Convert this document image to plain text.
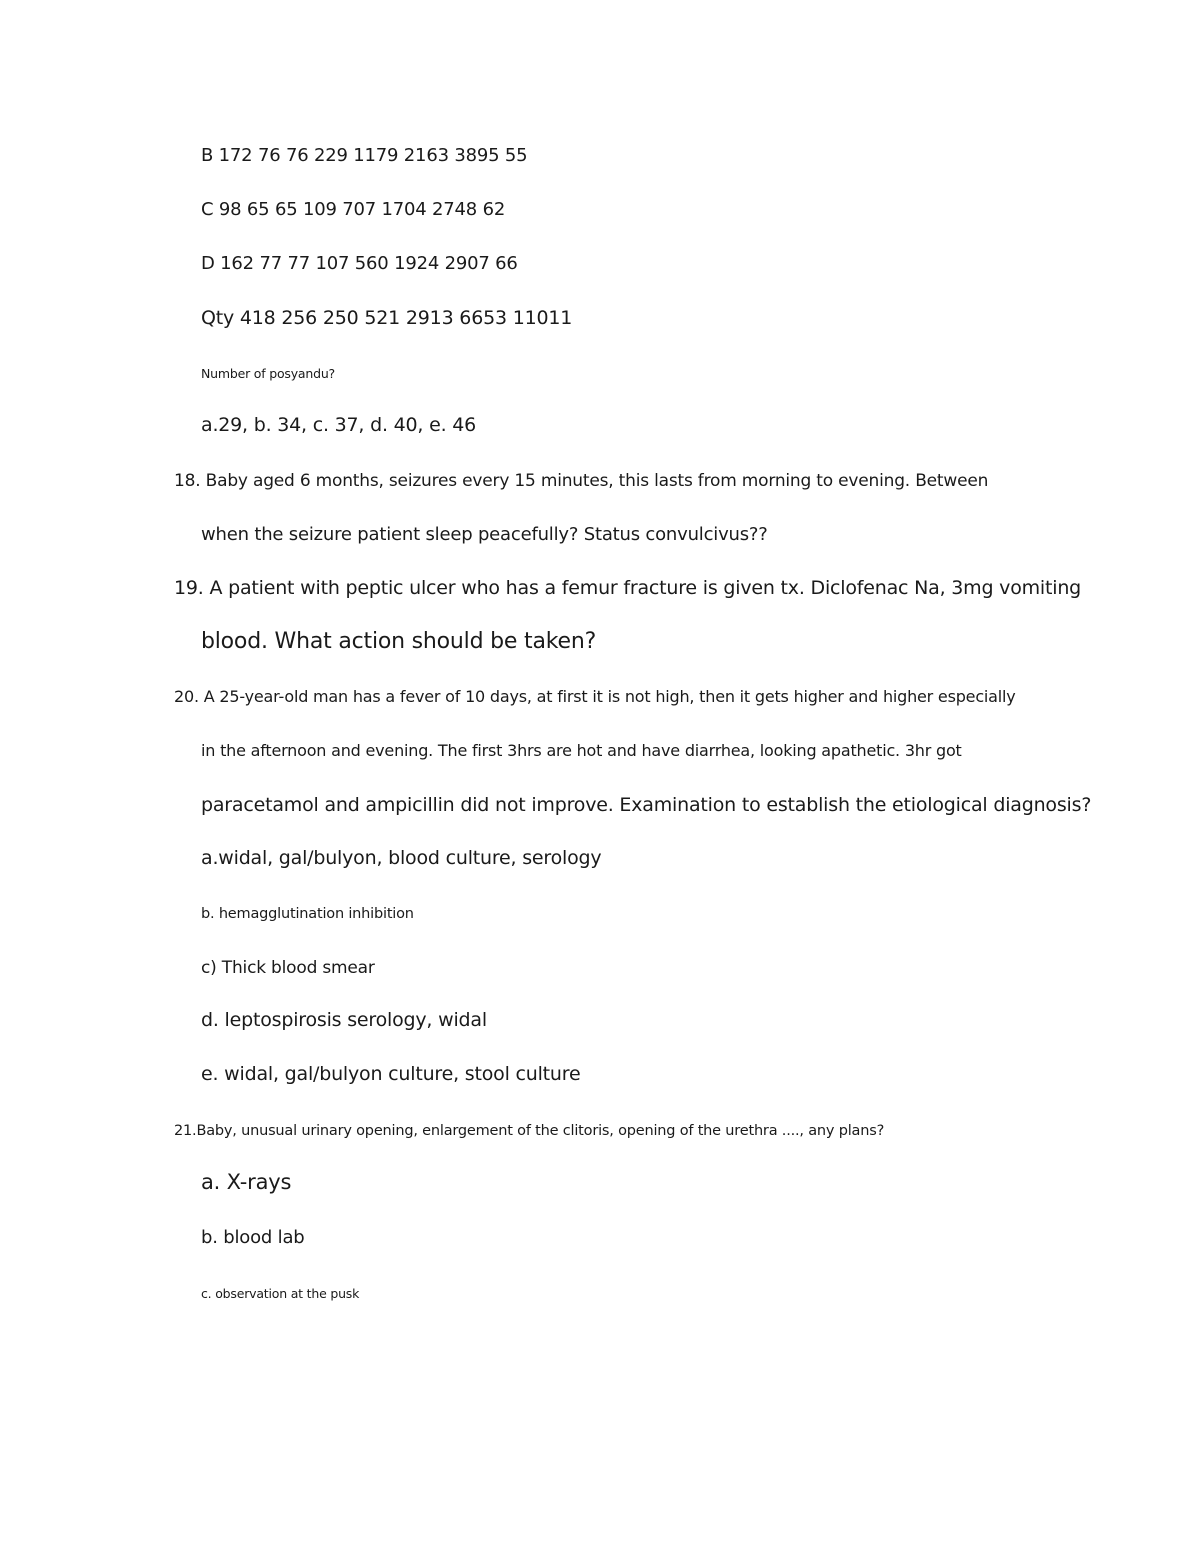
B 172 76 76 229 1179 2163 3895 55
C 98 65 65 109 707 1704 2748 62
D 162 77 77 107 560 1924 2907 66
Qty 418 256 250 521 2913 6653 11011
Number of posyandu?
a.29, b. 34, c. 37, d. 40, e. 46
18. Baby aged 6 months, seizures every 15 minutes, this lasts from morning to evening. Between
when the seizure patient sleep peacefully? Status convulcivus??
19. A patient with peptic ulcer who has a femur fracture is given tx. Diclofenac Na, 3mg vomiting
blood. What action should be taken?
20. A 25-year-old man has a fever of 10 days, at first it is not high, then it gets higher and higher especially
in the afternoon and evening. The first 3hrs are hot and have diarrhea, looking apathetic. 3hr got
paracetamol and ampicillin did not improve. Examination to establish the etiological diagnosis?
a.widal, gal/bulyon, blood culture, serology
b. hemagglutination inhibition
c) Thick blood smear
d. leptospirosis serology, widal
e. widal, gal/bulyon culture, stool culture
21.Baby, unusual urinary opening, enlargement of the clitoris, opening of the urethra ...., any plans?
a. X-rays
b. blood lab
c. observation at the pusk
